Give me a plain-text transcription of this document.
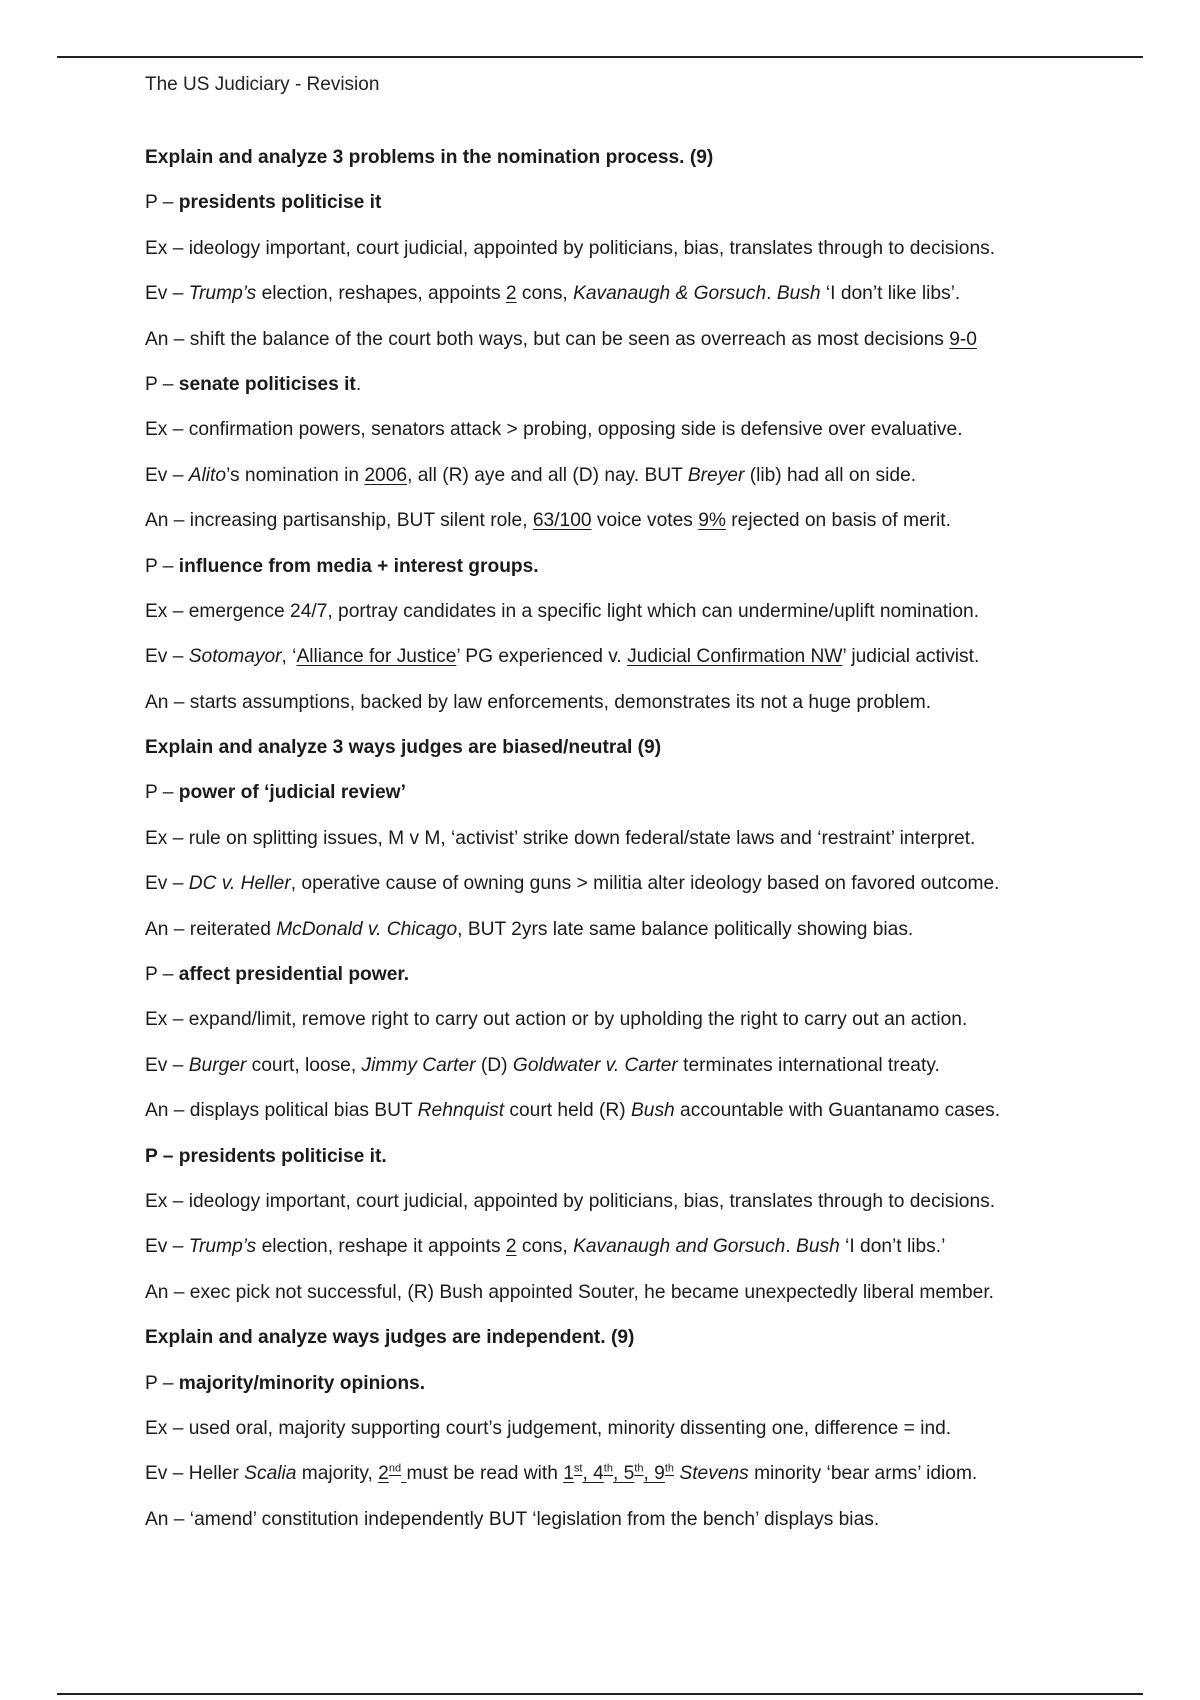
The US Judiciary - Revision
Explain and analyze 3 problems in the nomination process. (9)
P – presidents politicise it
Ex – ideology important, court judicial, appointed by politicians, bias, translates through to decisions.
Ev – Trump’s election, reshapes, appoints 2 cons, Kavanaugh & Gorsuch. Bush ‘I don’t like libs’.
An – shift the balance of the court both ways, but can be seen as overreach as most decisions 9-0
P – senate politicises it.
Ex – confirmation powers, senators attack > probing, opposing side is defensive over evaluative.
Ev – Alito’s nomination in 2006, all (R) aye and all (D) nay. BUT Breyer (lib) had all on side.
An – increasing partisanship, BUT silent role, 63/100 voice votes 9% rejected on basis of merit.
P – influence from media + interest groups.
Ex – emergence 24/7, portray candidates in a specific light which can undermine/uplift nomination.
Ev – Sotomayor, ‘Alliance for Justice’ PG experienced v. Judicial Confirmation NW’ judicial activist.
An – starts assumptions, backed by law enforcements, demonstrates its not a huge problem.
Explain and analyze 3 ways judges are biased/neutral (9)
P – power of ‘judicial review’
Ex – rule on splitting issues, M v M, ‘activist’ strike down federal/state laws and ‘restraint’ interpret.
Ev – DC v. Heller, operative cause of owning guns > militia alter ideology based on favored outcome.
An – reiterated McDonald v. Chicago, BUT 2yrs late same balance politically showing bias.
P – affect presidential power.
Ex – expand/limit, remove right to carry out action or by upholding the right to carry out an action.
Ev – Burger court, loose, Jimmy Carter (D) Goldwater v. Carter terminates international treaty.
An – displays political bias BUT Rehnquist court held (R) Bush accountable with Guantanamo cases.
P – presidents politicise it.
Ex – ideology important, court judicial, appointed by politicians, bias, translates through to decisions.
Ev – Trump’s election, reshape it appoints 2 cons, Kavanaugh and Gorsuch. Bush ‘I don’t libs.’
An – exec pick not successful, (R) Bush appointed Souter, he became unexpectedly liberal member.
Explain and analyze ways judges are independent. (9)
P – majority/minority opinions.
Ex – used oral, majority supporting court’s judgement, minority dissenting one, difference = ind.
Ev – Heller Scalia majority, 2nd must be read with 1st, 4th, 5th, 9th Stevens minority ‘bear arms’ idiom.
An – ‘amend’ constitution independently BUT ‘legislation from the bench’ displays bias.
